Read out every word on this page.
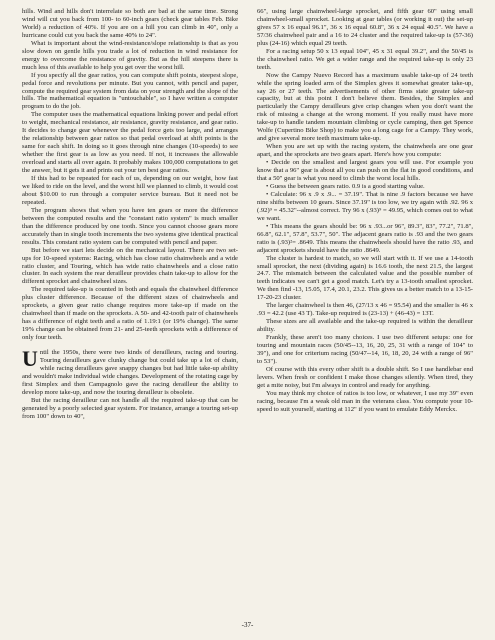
hills. Wind and hills don't interrelate so both are bad at the same time. Strong wind will cut you back from 100- to 60-inch gears (check gear tables Feb. Bike World) a reduction of 40%. If you are on a hill you can climb in 40", only a hurricane could cut you back the same 40% to 24".

What is important about the wind-resistance/slope relationship is that as you slow down on gentle hills you trade a lot of reduction in wind resistance for energy to overcome the resistance of gravity. But as the hill steepens there is much less of this available to help you get over the worst hill.

If you specify all the gear ratios, you can compute shift points, steepest slope, pedal force and revolutions per minute. But you cannot, with pencil and paper, compute the required gear system from data on your strength and the slope of the hills. The mathematical equation is "untouchable", so I have written a computer program to do the job.

The computer uses the mathematical equations linking power and pedal effort to weight, mechanical resistance, air resistance, gravity resistance, and gear ratio. It decides to change gear whenever the pedal force gets too large, and arranges the relationship between gear ratios so that pedal overload at shift points is the same for each shift. In doing so it goes through nine changes (10-speeds) to see whether the first gear is as low as you need. If not, it increases the allowable overload and starts all over again. It probably makes 100,000 computations to get the answer, but it gets it and prints out your ten best gear ratios.

If this had to be repeated for each of us, depending on our weight, how fast we liked to ride on the level, and the worst hill we planned to climb, it would cost about $10.00 to run through a computer service bureau. But it need not be repeated.

The program shows that when you have ten gears or more the difference between the computed results and the "constant ratio system" is much smaller than the difference produced by one tooth. Since you cannot choose gears more accurately than in single tooth increments the two systems give identical practical results. This constant ratio system can be computed with pencil and paper.

But before we start lets decide on the mechanical layout. There are two set-ups for 10-speed systems: Racing, which has close ratio chainwheels and a wide ratio cluster, and Touring, which has wide ratio chainwheels and a close ratio cluster. In each system the rear derailleur provides chain take-up to allow for the different sprocket and chainwheel sizes.

The required take-up is counted in both and equals the chainwheel difference plus cluster difference. Because of the different sizes of chainwheels and sprockets, a given gear ratio change requires more take-up if made on the chainwheel than if made on the sprockets. A 50- and 42-tooth pair of chainwheels has a difference of eight teeth and a ratio of 1.19:1 (or 19% change). The same 19% change can be obtained from 21- and 25-teeth sprockets with a difference of only four teeth.

Until the 1950s, there were two kinds of derailleurs, racing and touring. Touring derailleurs gave clunky change but could take up a lot of chain, while racing derailleurs gave snappy changes but had little take-up ability and wouldn't make individual wide changes. Development of the rotating cage by first Simplex and then Campagnolo gave the racing derailleur the ability to develop more take-up, and now the touring derailleur is obsolete.

But the racing derailleur can not handle all the required take-up that can be generated by a poorly selected gear system. For instance, arrange a touring set-up from 100" down to 40",

66", using large chainwheel-large sprocket, and fifth gear 60" using small chainwheel-small sprocket. Looking at gear tables (or working it out) the set-up gives 57 x 16 equal 96.1", 36 x 16 equal 60.8", 36 x 24 equal 40.5". We have a 57/36 chainwheel pair and a 16 to 24 cluster and the required take-up is (57-36) plus (24-16) which equal 29 teeth.

For a racing setup 50 x 13 equal 104", 45 x 31 equal 39.2", and the 50/45 is the chainwheel ratio. We get a wider range and the required take-up is only 23 teeth.

Now the Campy Nuevo Record has a maximum usable take-up of 24 teeth while the spring loaded arm of the Simplex gives it somewhat greater take-up, say 26 or 27 teeth. The advertisements of other firms state greater take-up capacity, but at this point I don't believe them. Besides, the Simplex and particularly the Campy derailleurs give crisp changes when you don't want the risk of missing a change at the wrong moment. If you really must have more take-up to handle tandem mountain climbing or cycle camping, then get Spence Wolfe (Cupertino Bike Shop) to make you a long cage for a Campy. They work, and give several more teeth maximum take-up.

When you are set up with the racing system, the chainwheels are one gear apart, and the sprockets are two gears apart. Here's how you compute:

• Decide on the smallest and largest gears you will use. For example you know that a 96" gear is about all you can push on the flat in good conditions, and that a 50" gear is what you need to climb the worst local hills.

• Guess the between gears ratio. 0.9 is a good starting value.

• Calculate: 96 x .9 x .9... = 37.19". That is nine .9 factors because we have nine shifts between 10 gears. Since 37.19" is too low, we try again with .92. 96 x (.92)⁹ = 45.32"--almost correct. Try 96 x (.93)⁹ = 49.95, which comes out to what we want.

• This means the gears should be: 96 x .93...or 96", 89.3", 83", 77.2", 71.8", 66.8", 62.1", 57.8", 53.7", 50". The adjacent gears ratio is .93 and the two gears ratio is (.93)²= .8649. This means the chainwheels should have the ratio .93, and adjacent sprockets should have the ratio .8649.

The cluster is hardest to match, so we will start with it. If we use a 14-tooth small sprocket, the next (dividing again) is 16.6 tooth, the next 21.5, the largest 24.7. The mismatch between the calculated value and the possible number of teeth indicates we can't get a good match. Let's try a 13-tooth smallest sprocket. We then find -13, 15.05, 17.4, 20.1, 23.2. This gives us a better match to a 13-15-17-20-23 cluster.

The larger chainwheel is then 46, (27/13 x 46 = 95.54) and the smaller is 46 x .93 = 42.2 (use 43 T). Take-up required is (23-13) + (46-43) = 13T.

These sizes are all available and the take-up required is within the derailleur ability.

Frankly, these aren't too many choices. I use two different setups: one for touring and mountain races (50/45--13, 16, 20, 25, 31 with a range of 104" to 39"), and one for criterium racing (50/47--14, 16, 18, 20, 24 with a range of 96" to 53").

Of course with this every other shift is a double shift. So I use handlebar end levers. When fresh or confident I make those changes silently. When tired, they get a mite noisy, but I'm always in control and ready for anything.

You may think my choice of ratios is too low, or whatever, I use my 39" even racing, because I'm a weak old man in the veterans class. You compute your 10-speed to suit yourself, starting at 112" if you want to emulate Eddy Merckx.

-37-
